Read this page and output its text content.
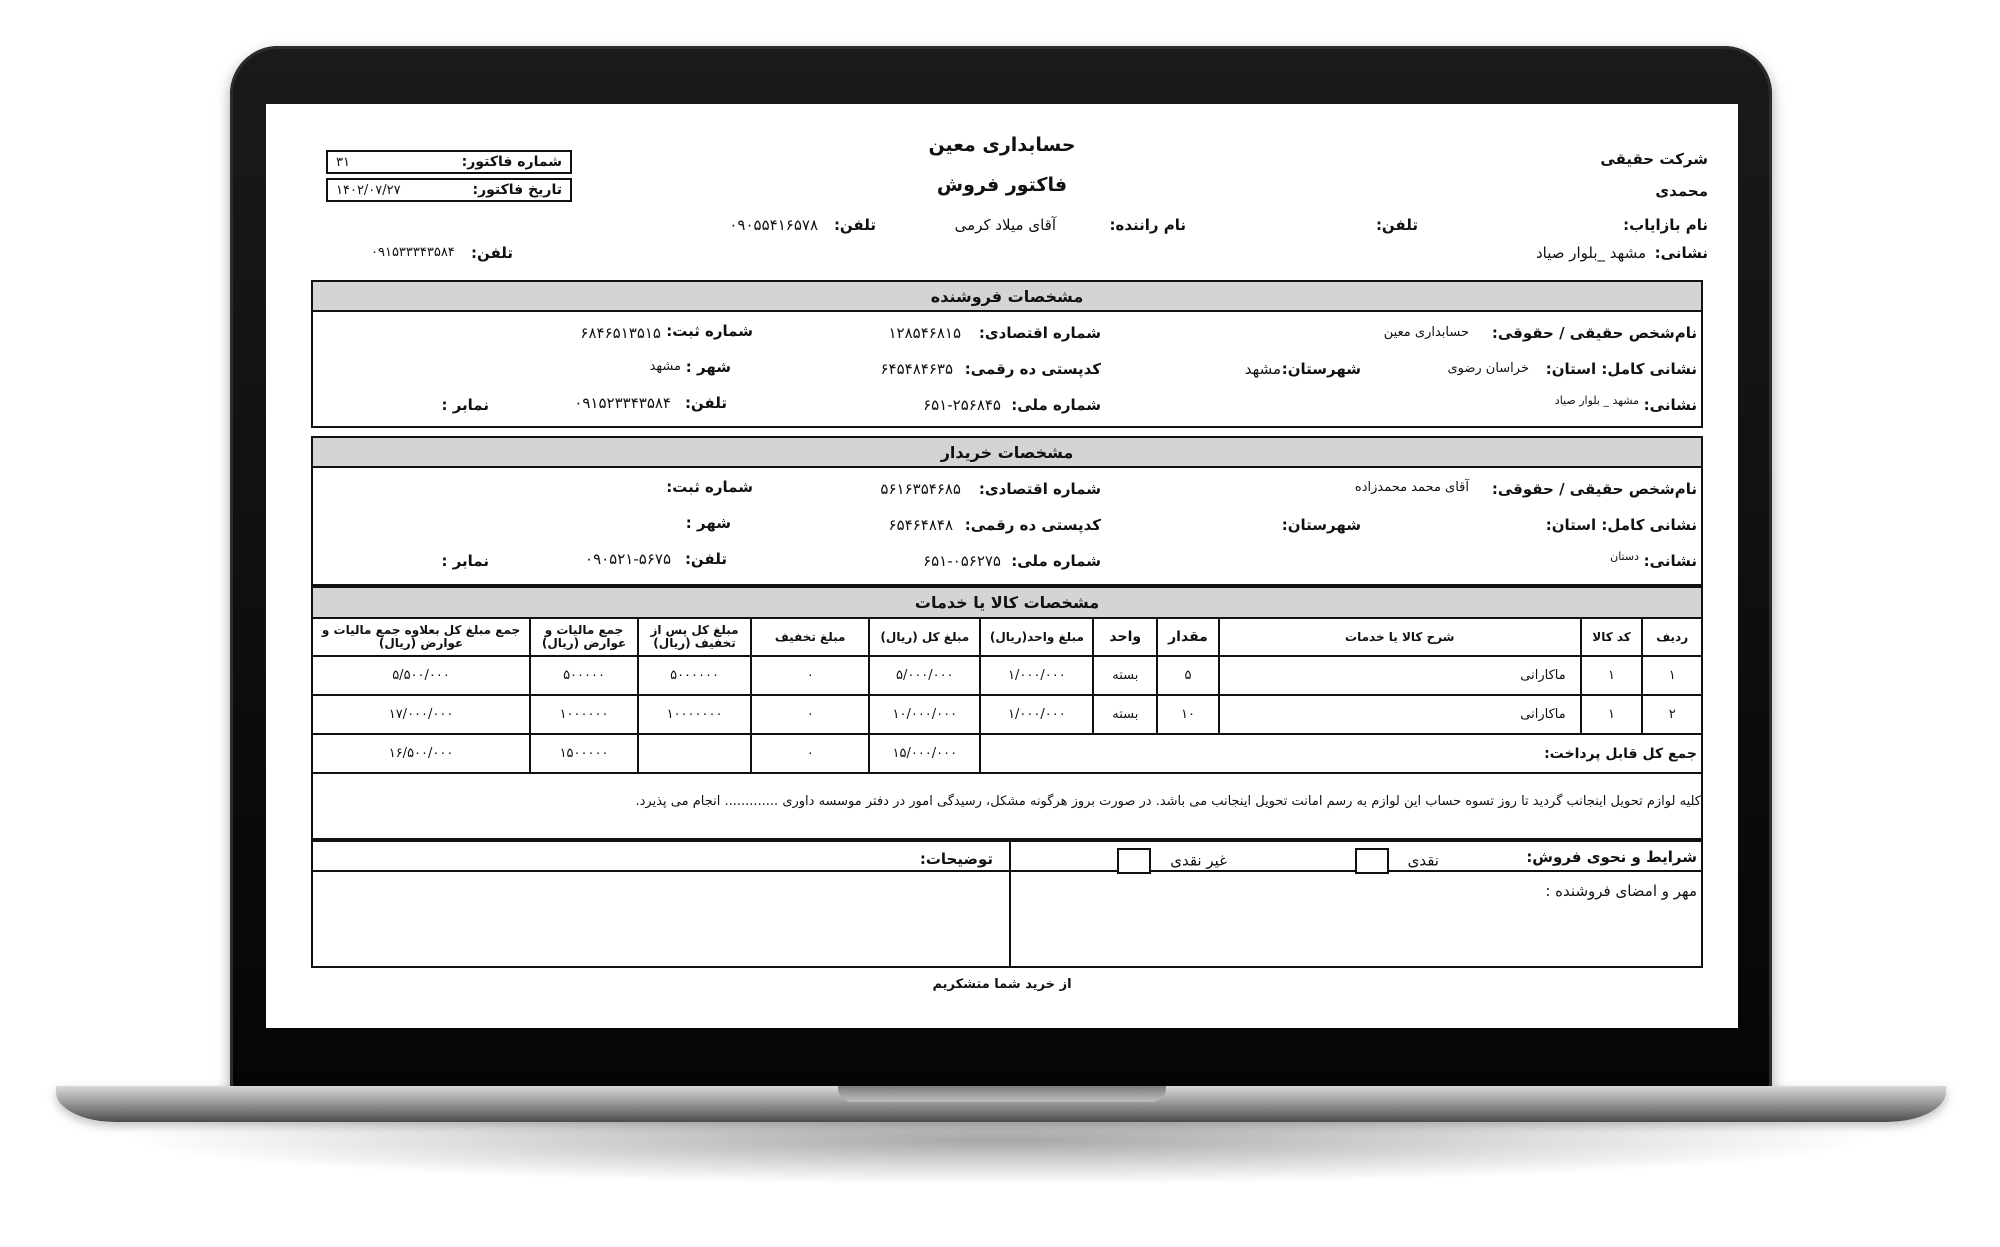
حسابداری معین
فاکتور فروش
شرکت حقیقی
محمدی
شماره فاکتور:
۳۱
تاریخ فاکتور:
۱۴۰۲/۰۷/۲۷
نام بازایاب:
تلفن:
نام راننده:
آقای میلاد کرمی
تلفن:
۰۹۰۵۵۴۱۶۵۷۸
نشانی:
مشهد _بلوار صیاد
تلفن:
۰۹۱۵۳۳۳۴۳۵۸۴
مشخصات فروشنده
نام‌شخص حقیقی / حقوقی:
حسابداری معین
شماره اقتصادی:
۱۲۸۵۴۶۸۱۵
شماره ثبت:
۶۸۴۶۵۱۳۵۱۵
نشانی کامل: استان:
خراسان رضوی
شهرستان:
مشهد
کدپستی ده رقمی:
۶۴۵۴۸۴۶۳۵
شهر :
مشهد
نشانی:
مشهد _ بلوار صیاد
شماره ملی:
۶۵۱-۲۵۶۸۴۵
تلفن:
۰۹۱۵۲۳۳۴۳۵۸۴
نمابر :
مشخصات خریدار
نام‌شخص حقیقی / حقوقی:
آقای محمد محمدزاده
شماره اقتصادی:
۵۶۱۶۳۵۴۶۸۵
شماره ثبت:
نشانی کامل: استان:
شهرستان:
کدپستی ده رقمی:
۶۵۴۶۴۸۴۸
شهر :
نشانی:
دستان
شماره ملی:
۶۵۱-۰۵۶۲۷۵
تلفن:
۰۹۰۵۲۱-۵۶۷۵
نمابر :
مشخصات کالا یا خدمات
ردیف	کد کالا	شرح کالا یا خدمات	مقدار	واحد	مبلغ واحد(ریال)	مبلغ کل (ریال)	مبلغ تخفیف	مبلغ کل پس از تخفیف (ریال)	جمع مالیات و عوارض (ریال)	جمع مبلغ کل بعلاوه جمع مالیات و عوارض (ریال)
۱	۱	ماکارانی	۵	بسته	۱/۰۰۰/۰۰۰	۵/۰۰۰/۰۰۰	۰	۵۰۰۰۰۰۰	۵۰۰۰۰۰	۵/۵۰۰/۰۰۰
۲	۱	ماکارانی	۱۰	بسته	۱/۰۰۰/۰۰۰	۱۰/۰۰۰/۰۰۰	۰	۱۰۰۰۰۰۰۰	۱۰۰۰۰۰۰	۱۷/۰۰۰/۰۰۰
جمع کل قابل پرداخت:						۱۵/۰۰۰/۰۰۰	۰		۱۵۰۰۰۰۰	۱۶/۵۰۰/۰۰۰
کلیه لوازم تحویل اینجانب گردید تا روز تسوه حساب این لوازم به رسم امانت تحویل اینجانب می باشد. در صورت بروز هرگونه مشکل، رسیدگی امور در دفتر موسسه داوری ............. انجام می پذیرد.
شرایط و نحوی فروش:
نقدی
غیر نقدی
توضیحات:
مهر و امضای فروشنده :
از خرید شما متشکریم
